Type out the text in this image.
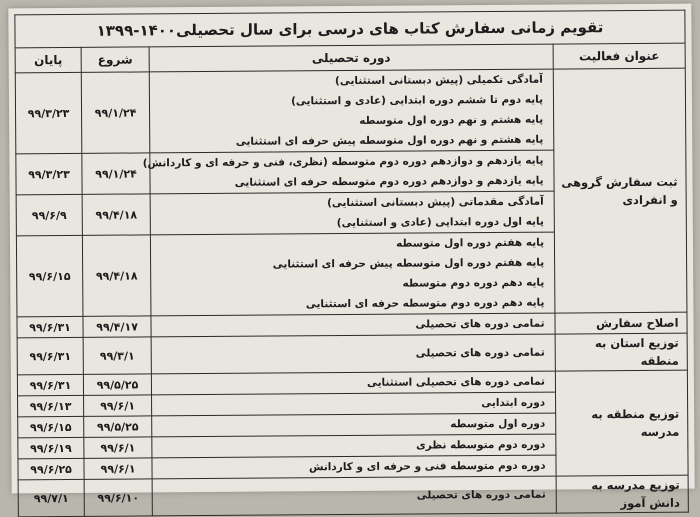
تقویم زمانی سفارش کتاب های درسی برای سال تحصیلی۱۴۰۰-۱۳۹۹			
عنوان فعالیت	دوره تحصیلی	شروع	پایان
ثبت سفارش گروهی و انفرادی	آمادگی تکمیلی (پیش دبستانی استثنایی)
پایه دوم تا ششم دوره ابتدایی (عادی و استثنایی)
پایه هشتم و نهم دوره اول متوسطه
پایه هشتم و نهم دوره اول متوسطه پیش حرفه ای استثنایی	۹۹/۱/۲۴	۹۹/۳/۲۳

	پایه یازدهم و دوازدهم دوره دوم متوسطه (نظری، فنی و حرفه ای و کاردانش)
پایه یازدهم و دوازدهم دوره دوم متوسطه حرفه ای استثنایی	۹۹/۱/۲۴	۹۹/۳/۲۳

	آمادگی مقدماتی (پیش دبستانی استثنایی)
پایه اول دوره ابتدایی (عادی و استثنایی)	۹۹/۴/۱۸	۹۹/۶/۹

	پایه هفتم دوره اول متوسطه
پایه هفتم دوره اول متوسطه پیش حرفه ای استثنایی
پایه دهم دوره دوم متوسطه
پایه دهم دوره دوم متوسطه حرفه ای استثنایی	۹۹/۴/۱۸	۹۹/۶/۱۵
اصلاح سفارش	تمامی دوره های تحصیلی	۹۹/۴/۱۷	۹۹/۶/۳۱
توزیع استان به منطقه	تمامی دوره های تحصیلی	۹۹/۳/۱	۹۹/۶/۳۱
توزیع منطقه به مدرسه	تمامی دوره های تحصیلی استثنایی	۹۹/۵/۲۵	۹۹/۶/۳۱

	دوره ابتدایی	۹۹/۶/۱	۹۹/۶/۱۳

	دوره اول متوسطه	۹۹/۵/۲۵	۹۹/۶/۱۵

	دوره دوم متوسطه نظری	۹۹/۶/۱	۹۹/۶/۱۹

	دوره دوم متوسطه فنی و حرفه ای و کاردانش	۹۹/۶/۱	۹۹/۶/۲۵
توزیع مدرسه به دانش آموز	تمامی دوره های تحصیلی	۹۹/۶/۱۰	۹۹/۷/۱
